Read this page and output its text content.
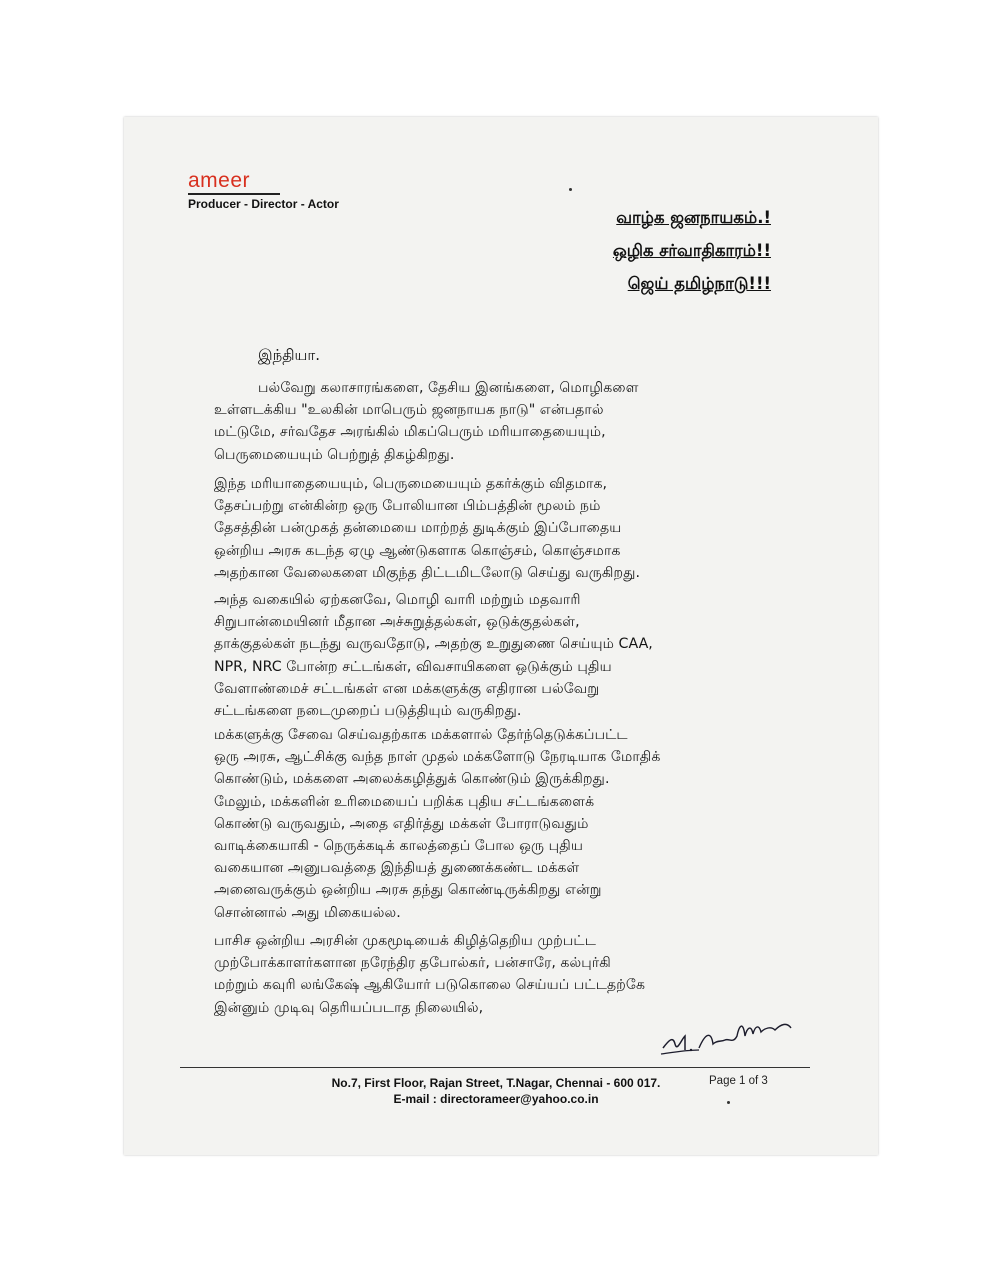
ameer
Producer - Director - Actor
வாழ்க ஜனநாயகம்.!
ஒழிக சர்வாதிகாரம்!!
ஜெய் தமிழ்நாடு!!!
இந்தியா.
பல்வேறு கலாசாரங்களை, தேசிய இனங்களை, மொழிகளை
உள்ளடக்கிய "உலகின் மாபெரும் ஜனநாயக நாடு" என்பதால்
மட்டுமே, சர்வதேச அரங்கில் மிகப்பெரும் மரியாதையையும்,
பெருமையையும் பெற்றுத் திகழ்கிறது.
இந்த மரியாதையையும், பெருமையையும் தகர்க்கும் விதமாக,
தேசப்பற்று என்கின்ற ஒரு போலியான பிம்பத்தின் மூலம் நம்
தேசத்தின் பன்முகத் தன்மையை மாற்றத் துடிக்கும் இப்போதைய
ஒன்றிய அரசு கடந்த ஏழு ஆண்டுகளாக கொஞ்சம், கொஞ்சமாக
அதற்கான வேலைகளை மிகுந்த திட்டமிடலோடு செய்து வருகிறது.
அந்த வகையில் ஏற்கனவே, மொழி வாரி மற்றும் மதவாரி
சிறுபான்மையினர் மீதான அச்சுறுத்தல்கள், ஒடுக்குதல்கள்,
தாக்குதல்கள் நடந்து வருவதோடு, அதற்கு உறுதுணை செய்யும் CAA,
NPR, NRC போன்ற சட்டங்கள், விவசாயிகளை ஒடுக்கும் புதிய
வேளாண்மைச் சட்டங்கள் என மக்களுக்கு எதிரான பல்வேறு
சட்டங்களை நடைமுறைப் படுத்தியும் வருகிறது.
மக்களுக்கு சேவை செய்வதற்காக மக்களால் தேர்ந்தெடுக்கப்பட்ட
ஒரு அரசு, ஆட்சிக்கு வந்த நாள் முதல் மக்களோடு நேரடியாக மோதிக்
கொண்டும், மக்களை அலைக்கழித்துக் கொண்டும் இருக்கிறது.
மேலும், மக்களின் உரிமையைப் பறிக்க புதிய சட்டங்களைக்
கொண்டு வருவதும், அதை எதிர்த்து மக்கள் போராடுவதும்
வாடிக்கையாகி - நெருக்கடிக் காலத்தைப் போல ஒரு புதிய
வகையான அனுபவத்தை இந்தியத் துணைக்கண்ட மக்கள்
அனைவருக்கும் ஒன்றிய அரசு தந்து கொண்டிருக்கிறது என்று
சொன்னால் அது மிகையல்ல.
பாசிச ஒன்றிய அரசின் முகமூடியைக் கிழித்தெறிய முற்பட்ட
முற்போக்காளர்களான நரேந்திர தபோல்கர், பன்சாரே, கல்புர்கி
மற்றும் கவுரி லங்கேஷ் ஆகியோர் படுகொலை செய்யப் பட்டதற்கே
இன்னும் முடிவு தெரியப்படாத நிலையில்,
No.7, First Floor, Rajan Street, T.Nagar, Chennai - 600 017.
E-mail : directorameer@yahoo.co.in
Page 1 of 3
